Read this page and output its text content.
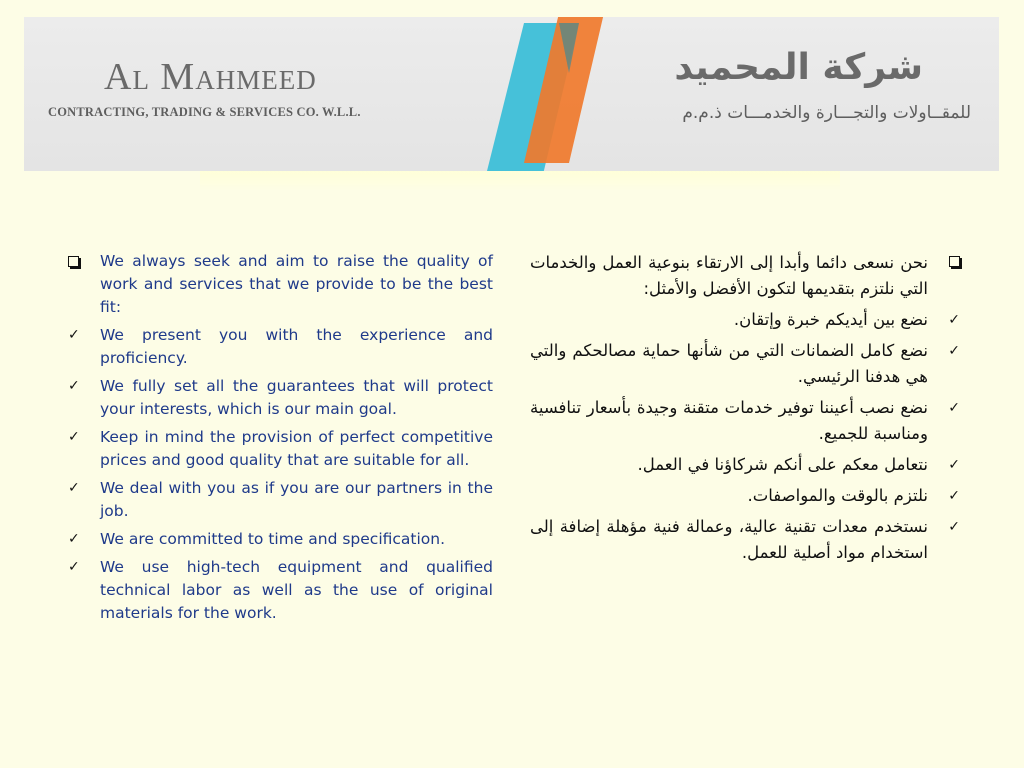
Al Mahmeed
CONTRACTING, TRADING & SERVICES CO. W.L.L.
شركة المحميد
للمقــاولات والتجـــارة والخدمـــات ذ.م.م
We always seek and aim to raise the quality of work and services that we provide to be the best fit:
✓	We present you with the experience and proficiency.
✓	We fully set all the guarantees that will protect your interests, which is our main goal.
✓	Keep in mind the provision of perfect competitive prices and good quality that are suitable for all.
✓	We deal with you as if you are our partners in the job.
✓	We are committed to time and specification.
✓	We use high-tech equipment and qualified technical labor as well as the use of original materials for the work.
نحن نسعى دائما وأبدا إلى الارتقاء بنوعية العمل والخدمات التي نلتزم بتقديمها لتكون الأفضل والأمثل:
✓
نضع بين أيديكم خبرة وإتقان.
✓
نضع كامل الضمانات التي من شأنها حماية مصالحكم والتي هي هدفنا الرئيسي.
✓
نضع نصب أعيننا توفير خدمات متقنة وجيدة بأسعار تنافسية ومناسبة للجميع.
✓
نتعامل معكم على أنكم شركاؤنا في العمل.
✓
نلتزم بالوقت والمواصفات.
✓
نستخدم معدات تقنية عالية، وعمالة فنية مؤهلة إضافة إلى استخدام مواد أصلية للعمل.
